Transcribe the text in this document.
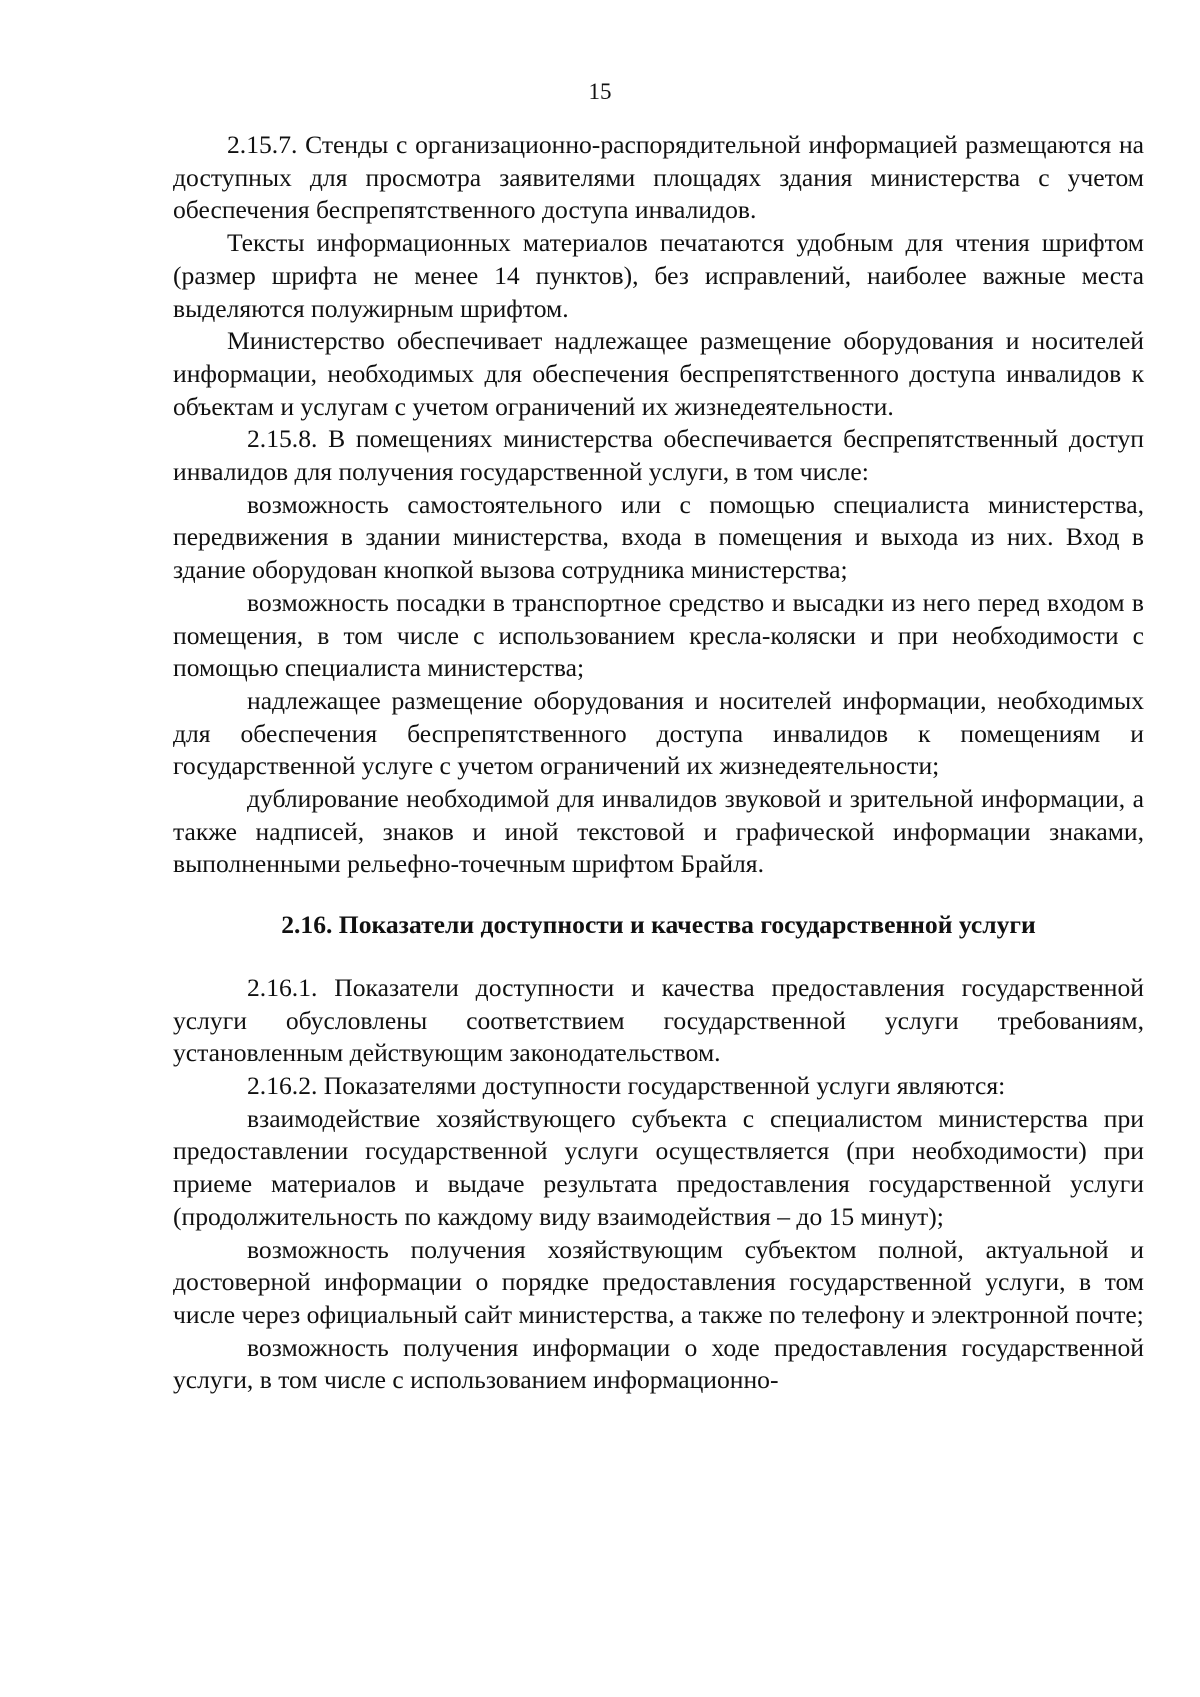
15

2.15.7. Стенды с организационно-распорядительной информацией размещаются на доступных для просмотра заявителями площадях здания министерства с учетом обеспечения беспрепятственного доступа инвалидов.

Тексты информационных материалов печатаются удобным для чтения шрифтом (размер шрифта не менее 14 пунктов), без исправлений, наиболее важные места выделяются полужирным шрифтом.

Министерство обеспечивает надлежащее размещение оборудования и носителей информации, необходимых для обеспечения беспрепятственного доступа инвалидов к объектам и услугам с учетом ограничений их жизнедеятельности.

2.15.8. В помещениях министерства обеспечивается беспрепятственный доступ инвалидов для получения государственной услуги, в том числе:

возможность самостоятельного или с помощью специалиста министерства, передвижения в здании министерства, входа в помещения и выхода из них. Вход в здание оборудован кнопкой вызова сотрудника министерства;

возможность посадки в транспортное средство и высадки из него перед входом в помещения, в том числе с использованием кресла-коляски и при необходимости с помощью специалиста министерства;

надлежащее размещение оборудования и носителей информации, необходимых для обеспечения беспрепятственного доступа инвалидов к помещениям и государственной услуге с учетом ограничений их жизнедеятельности;

дублирование необходимой для инвалидов звуковой и зрительной информации, а также надписей, знаков и иной текстовой и графической информации знаками, выполненными рельефно-точечным шрифтом Брайля.

2.16. Показатели доступности и качества государственной услуги

2.16.1. Показатели доступности и качества предоставления государственной услуги обусловлены соответствием государственной услуги требованиям, установленным действующим законодательством.

2.16.2. Показателями доступности государственной услуги являются:

взаимодействие хозяйствующего субъекта с специалистом министерства при предоставлении государственной услуги осуществляется (при необходимости) при приеме материалов и выдаче результата предоставления государственной услуги (продолжительность по каждому виду взаимодействия – до 15 минут);

возможность получения хозяйствующим субъектом полной, актуальной и достоверной информации о порядке предоставления государственной услуги, в том числе через официальный сайт министерства, а также по телефону и электронной почте;

возможность получения информации о ходе предоставления государственной услуги, в том числе с использованием информационно-
